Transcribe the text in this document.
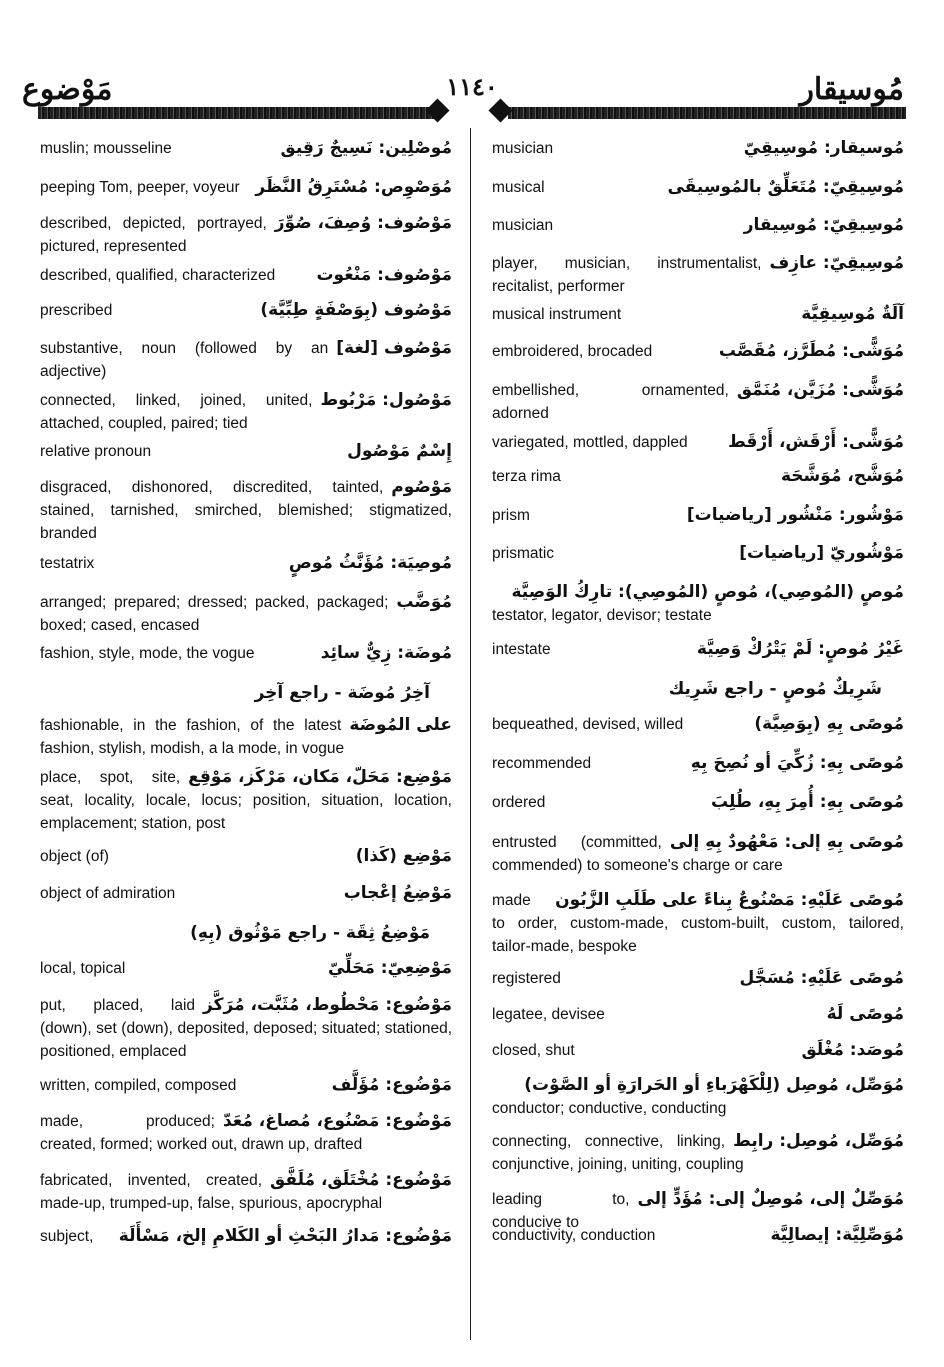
مُوسيقار
١١٤٠
مَوْضوع
مُوسيقار: مُوسِيقِيّ
musician
مُوسِيقِيّ: مُتَعَلِّقٌ بالمُوسِيقَى
musical
مُوسِيقِيّ: مُوسِيقار
musician
مُوسِيقِيّ: عازِف
player, musician, instrumentalist, recitalist, performer
آلَةٌ مُوسِيقِيَّة
musical instrument
مُوَشًّى: مُطَرَّز، مُقَصَّب
embroidered, brocaded
مُوَشًّى: مُزَيَّن، مُنَمَّق
embellished, ornamented, adorned
مُوَشًّى: أَرْقَش، أَرْقَط
variegated, mottled, dappled
مُوَشَّح، مُوَشَّحَة
terza rima
مَوْشُور: مَنْشُور [رياضيات]
prism
مَوْشُوريّ [رياضيات]
prismatic
مُوصٍ (المُوصِي)، مُوصٍ (المُوصِي): تارِكُ الوَصِيَّة
testator, legator, devisor; testate
غَيْرُ مُوصٍ: لَمْ يَتْرُكْ وَصِيَّة
intestate
شَرِيكٌ مُوصٍ - راجع شَرِيك
مُوصًى بِهِ (بِوَصِيَّة)
bequeathed, devised, willed
مُوصًى بِهِ: زُكِّيَ أو نُصِحَ بِهِ
recommended
مُوصًى بِهِ: أُمِرَ بِهِ، طُلِبَ
ordered
مُوصًى بِهِ إلى: مَعْهُودٌ بِهِ إلى
entrusted (committed, commended) to someone's charge or care
مُوصًى عَلَيْهِ: مَصْنُوعٌ بِناءً على طَلَبِ الزَّبُون
made to order, custom-made, custom-built, custom, tailored, tailor-made, bespoke
مُوصًى عَلَيْهِ: مُسَجَّل
registered
مُوصًى لَهُ
legatee, devisee
مُوصَد: مُغْلَق
closed, shut
مُوَصِّل، مُوصِل (لِلْكَهْرَباءِ أو الحَرارَةِ أو الصَّوْت)
conductor; conductive, conducting
مُوَصِّل، مُوصِل: رابِط
connecting, connective, linking, conjunctive, joining, uniting, coupling
مُوَصِّلٌ إلى، مُوصِلٌ إلى: مُؤَدٍّ إلى
leading to, conducive to
مُوَصِّلِيَّة: إيصالِيَّة
conductivity, conduction
مُوصْلِين: نَسِيجٌ رَقِيق
muslin; mousseline
مُوَصْوِص: مُسْتَرِقُ النَّظَر
peeping Tom, peeper, voyeur
مَوْصُوف: وُصِفَ، صُوِّرَ
described, depicted, portrayed, pictured, represented
مَوْصُوف: مَنْعُوت
described, qualified, characterized
مَوْصُوف (بِوَصْفَةٍ طِبِّيَّة)
prescribed
مَوْصُوف [لغة]
substantive, noun (followed by an adjective)
مَوْصُول: مَرْبُوط
connected, linked, joined, united, attached, coupled, paired; tied
إِسْمٌ مَوْصُول
relative pronoun
مَوْصُوم
disgraced, dishonored, discredited, tainted, stained, tarnished, smirched, blemished; stigmatized, branded
مُوصِيَة: مُؤَنَّثُ مُوصٍ
testatrix
مُوَضَّب
arranged; prepared; dressed; packed, packaged; boxed; cased, encased
مُوضَة: زِيٌّ سائِد
fashion, style, mode, the vogue
آخِرُ مُوضَة - راجع آخِر
على المُوضَة
fashionable, in the fashion, of the latest fashion, stylish, modish, a la mode, in vogue
مَوْضِع: مَحَلّ، مَكان، مَرْكَز، مَوْقِع
place, spot, site, seat, locality, locale, locus; position, situation, location, emplacement; station, post
مَوْضِع (كَذا)
object (of)
مَوْضِعُ إعْجاب
object of admiration
مَوْضِعُ ثِقَة - راجع مَوْثُوق (بِهِ)
مَوْضِعِيّ: مَحَلِّيّ
local, topical
مَوْضُوع: مَحْطُوط، مُثَبَّت، مُرَكَّز
put, placed, laid (down), set (down), deposited, deposed; situated; stationed, positioned, emplaced
مَوْضُوع: مُؤَلَّف
written, compiled, composed
مَوْضُوع: مَصْنُوع، مُصاغ، مُعَدّ
made, produced; created, formed; worked out, drawn up, drafted
مَوْضُوع: مُخْتَلَق، مُلَفَّق
fabricated, invented, created, made-up, trumped-up, false, spurious, apocryphal
مَوْضُوع: مَدارُ البَحْثِ أو الكَلامِ إلخ، مَسْأَلَة
subject,
